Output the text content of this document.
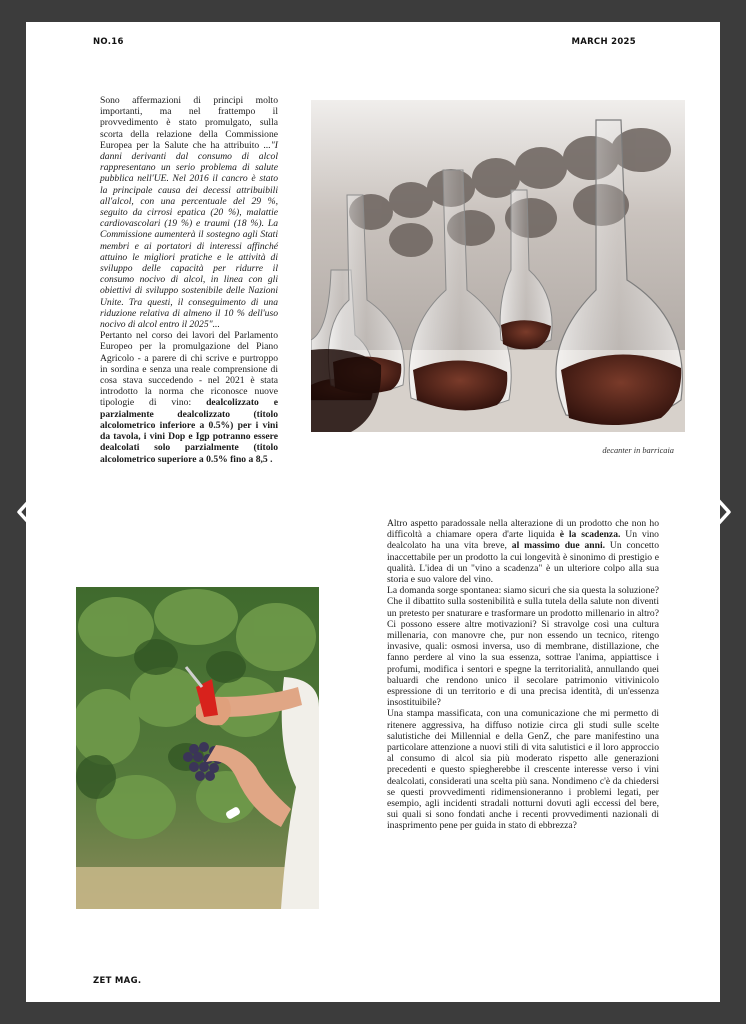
NO.16	MARCH 2025

Sono affermazioni di principi molto importanti, ma nel frattempo il provvedimento è stato promulgato, sulla scorta della relazione della Commissione Europea per la Salute che ha attribuito ..."I danni derivanti dal consumo di alcol rappresentano un serio problema di salute pubblica nell'UE. Nel 2016 il cancro è stato la principale causa dei decessi attribuibili all'alcol, con una percentuale del 29 %, seguito da cirrosi epatica (20 %), malattie cardiovascolari (19 %) e traumi (18 %). La Commissione aumenterà il sostegno agli Stati membri e ai portatori di interessi affinché attuino le migliori pratiche e le attività di sviluppo delle capacità per ridurre il consumo nocivo di alcol, in linea con gli obiettivi di sviluppo sostenibile delle Nazioni Unite. Tra questi, il conseguimento di una riduzione relativa di almeno il 10 % dell'uso nocivo di alcol entro il 2025"...

Pertanto nel corso dei lavori del Parlamento Europeo per la promulgazione del Piano Agricolo - a parere di chi scrive e purtroppo in sordina e senza una reale comprensione di cosa stava succedendo - nel 2021 è stata introdotto la norma che riconosce nuove tipologie di vino: dealcolizzato e parzialmente dealcolizzato (titolo alcolometrico inferiore a 0.5%) per i vini da tavola, i vini Dop e Igp potranno essere dealcolati solo parzialmente (titolo alcolometrico superiore a 0.5% fino a 8,5 .

decanter in barricaia

Altro aspetto paradossale nella alterazione di un prodotto che non ho difficoltà a chiamare opera d'arte liquida è la scadenza. Un vino dealcolato ha una vita breve, al massimo due anni. Un concetto inaccettabile per un prodotto la cui longevità è sinonimo di prestigio e qualità. L'idea di un "vino a scadenza" è un ulteriore colpo alla sua storia e suo valore del vino.

La domanda sorge spontanea: siamo sicuri che sia questa la soluzione? Che il dibattito sulla sostenibilità e sulla tutela della salute non diventi un pretesto per snaturare e trasformare un prodotto millenario in altro? Ci possono essere altre motivazioni? Si stravolge così una cultura millenaria, con manovre che, pur non essendo un tecnico, ritengo invasive, quali: osmosi inversa, uso di membrane, distillazione, che fanno perdere al vino la sua essenza, sottrae l'anima, appiattisce i profumi, modifica i sentori e spegne la territorialità, annullando quei baluardi che rendono unico il secolare patrimonio vitivinicolo espressione di un territorio e di una precisa identità, di un'essenza insostituibile?

Una stampa massificata, con una comunicazione che mi permetto di ritenere aggressiva, ha diffuso notizie circa gli studi sulle scelte salutistiche dei Millennial e della GenZ, che pare manifestino una particolare attenzione a nuovi stili di vita salutistici e il loro approccio al consumo di alcol sia più moderato rispetto alle generazioni precedenti e questo spiegherebbe il crescente interesse verso i vini dealcolati, considerati una scelta più sana. Nondimeno c'è da chiedersi se questi provvedimenti ridimensioneranno i problemi legati, per esempio, agli incidenti stradali notturni dovuti agli eccessi del bere, sui quali si sono fondati anche i recenti provvedimenti nazionali di inasprimento pene per guida in stato di ebbrezza?

ZET MAG.
